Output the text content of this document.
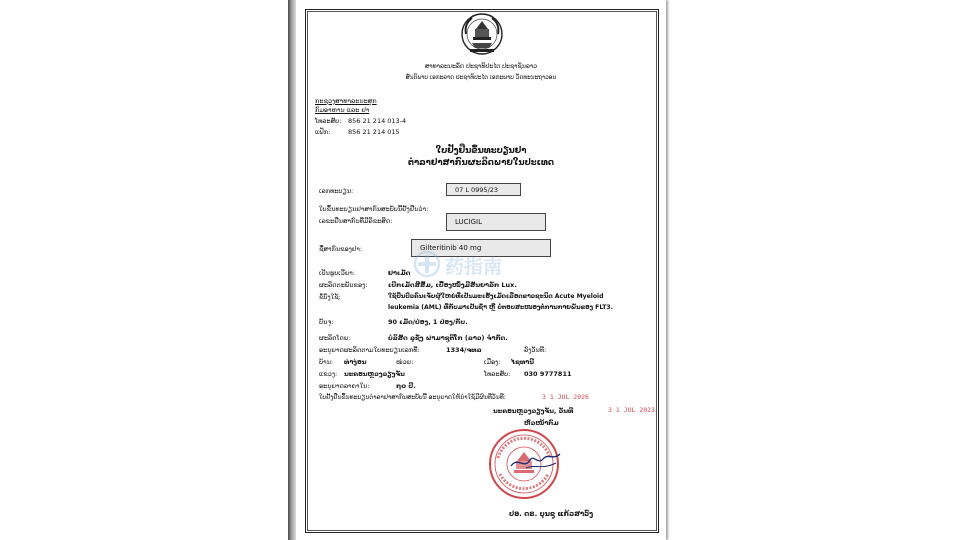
ສາທາລະນະລັດ ປະຊາທິປະໄຕ ປະຊາຊົນລາວ
ສັນຕິພາບ ເອກະລາດ ປະຊາທິປະໄຕ ເອກະພາບ ວັດທະນະຖາວອນ
ກະຊວງສາທາລະນະສຸກ
ກົມອາຫານ ແລະ ຢາ
ໂທລະສັບ: 856 21 214 013-4
ແຟັກ:	856 21 214 015
ໃບຢັ້ງຢືນຂຶ້ນທະບຽນຢາ
ຕໍາລາຢາສາກົນຜະລິດພາຍໃນປະເທດ
ເລກທະບຽນ:	07 L 0995/23
ໃບຂຶ້ນທະບຽນຢາສາກົນສະບັບນີ້ຢັ້ງຢືນວ່າ:
ເລຂະຢືນສາກົນທີ່ມີລິຂະສິດ:	LUCIGIL
ຊື່ສາກົນຂອງຢາ:	Gilteritinib 40 mg
ເປັນຮູບເວີຍາ:	ຢາເມັດ
ຜະລິດຕະພັນຂອງ:	ເບີກເມັດສີສົ້ມ, ເບື້ອງໜຶ່ງມີສັນຍາລັກ Lux.
ຂໍ້ບົ່ງໃຊ້:	ໃຊ້ປິ່ນປົວຄົນເຈັບຜູ້ໃຫຍ່ທີ່ເປັນມະເຮັງເມັດເລືອດຂາວຊະນິດ Acute Myeloid
leukemia (AML) ທີ່ກັບມາເປັນຊໍ້າ ຫຼື ບໍ່ຕອບສະໜອງຕໍ່ການກາຍພັນຂອງ FLT3.
ບັນຈຸ:	90 ເມັດ/ປ່ອງ, 1 ປ່ອງ/ກັບ.
ຜະລິດໂດຍ:	ບໍລິສັດ ລູຊັ່ງ ຟາມາຊູຕິໂກ (ລາວ) ຈໍາກັດ.
ອະນຸຍາດຜະລິດຕາມໃບທະບຽນເລກທີ່:	1334/ຈທລ	ລົງວັນທີ:
ບ້ານ: ທ່າງ່ອນ	ໜ່ວຍ:	ເມືອງ: ໄຊທານີ
ແຂວງ: ນະຄອນຫຼວງວຽງຈັນ	ໂທລະສັບ: 030 9777811
ອະນຸຍາດລາຄາໃນ:	໗໐ ປີ.
ໃບຢັ້ງຢືນຂຶ້ນທະບຽນຕໍາລາຢາສາກົນສະບັບນີ້ ອະນຸຍາດໃຫ້ນໍາໃຊ້ມີຜົນທີ່ວັນທີ:	3 1 JUL 2026
ນະຄອນຫຼວງວຽງຈັນ, ວັນທີ	3 1 JUL 2023
ຫົວໜ້າກົມ
ປອ. ດຣ. ບຸນຊູ ແກ້ວສາວົງ
药指南
